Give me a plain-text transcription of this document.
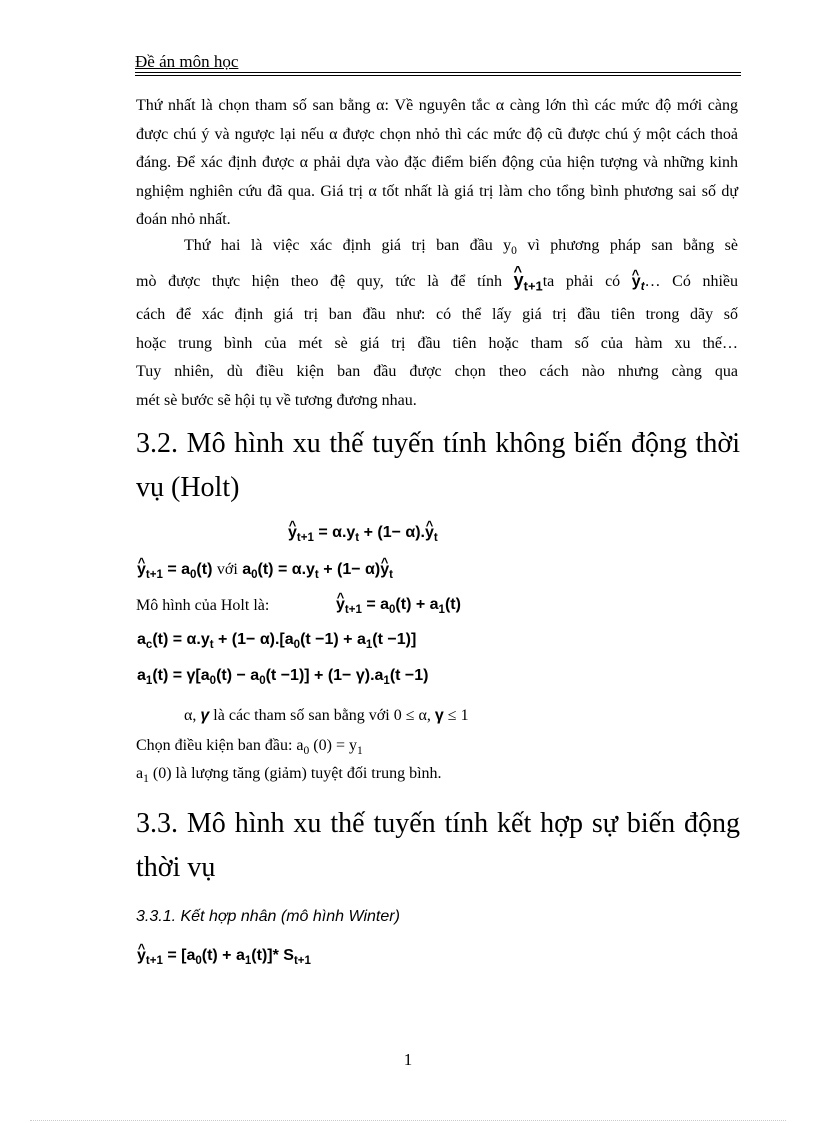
Đề án môn học

Thứ nhất là chọn tham số san bằng α: Về nguyên tắc α càng lớn thì các mức độ mới càng được chú ý và ngược lại nếu α được chọn nhỏ thì các mức độ cũ được chú ý một cách thoả đáng. Để xác định được α phải dựa vào đặc điểm biến động của hiện tượng và những kinh nghiệm nghiên cứu đã qua. Giá trị α tốt nhất là giá trị làm cho tổng bình phương sai số dự đoán nhỏ nhất.

Thứ hai là việc xác định giá trị ban đầu $y_0$ vì phương pháp san bằng sè
mò được thực hiện theo đệ quy, tức là để tính ^ $y_{t+1}ta$ phải có ^ $y_t\dots$ Có nhiều
cách để xác định giá trị ban đầu như: có thể lấy giá trị đầu tiên trong dãy số
hoặc trung bình của mét sè giá trị đầu tiên hoặc tham số của hàm xu thế…
Tuy nhiên, dù điều kiện ban đầu được chọn theo cách nào nhưng càng qua
mét sè bước sẽ hội tụ về tương đương nhau.

3.2. Mô hình xu thế tuyến tính không biến động thời vụ (Holt)
^ $y_{t+1} = \alpha.y_t + (1-$ α).^ $y_t$
^ $y_{t+1} = a_0(t)$ với $a_0(t) = \alpha.y_t + (1-$ α)^ $y_t$
Mô hình của Holt là:
^	$y_{t+1} = a_0(t) + a_1(t)$
$a_c(t) = \alpha.y_t + (1- \alpha).[a_0(t -1) + a_1(t -1)]$
$a_1(t) = \gamma[a_0(t) - a_0(t -1)] + (1- \gamma).a_1(t -1)$
α, γ là các tham số san bằng với 0 ≤ α, γ ≤ 1
Chọn điều kiện ban đầu: $a_0$ $(0) = y_1$
$a_1$ (0) là lượng tăng (giảm) tuyệt đối trung bình.
3.3. Mô hình xu thế tuyến tính kết hợp sự biến động thời vụ
3.3.1. Kết hợp nhân (mô hình Winter)
^ $y_{t+1} = [a_0(t) + a_1(t)]*$ $S_{t+1}$
1
